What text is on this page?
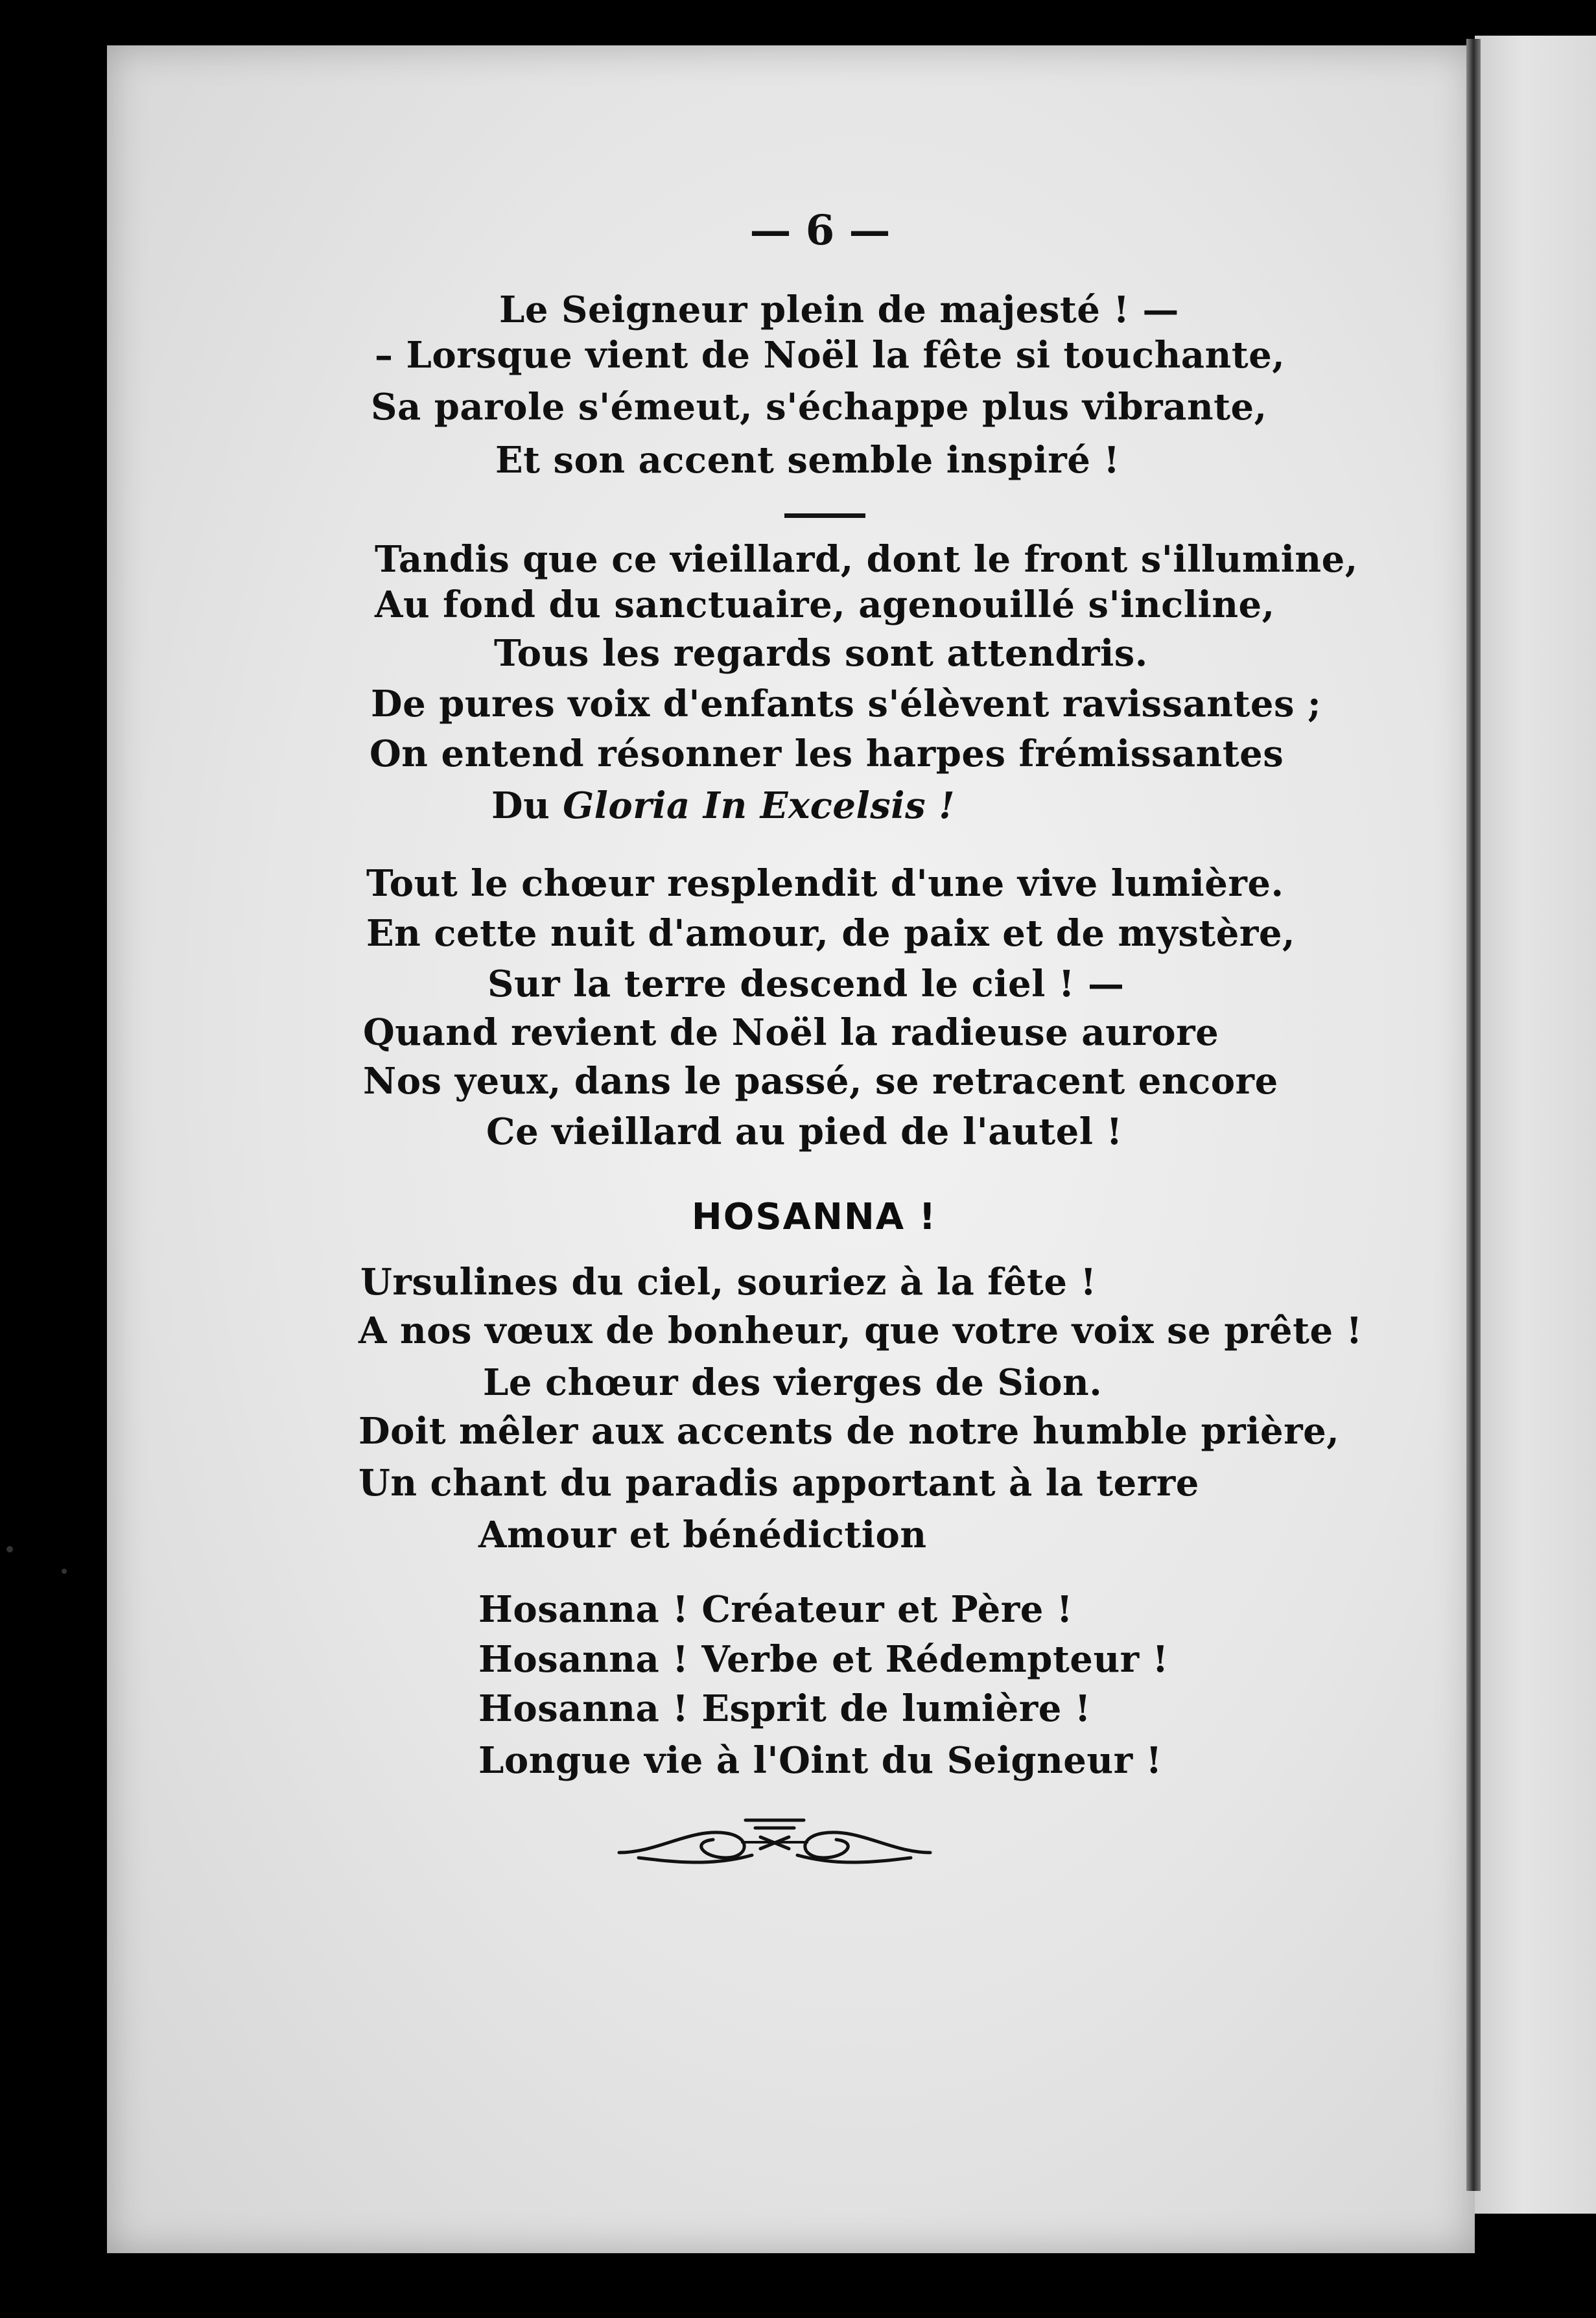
— 6 —
Le Seigneur plein de majesté ! —
– Lorsque vient de Noël la fête si touchante,
Sa parole s'émeut, s'échappe plus vibrante,
Et son accent semble inspiré !
Tandis que ce vieillard, dont le front s'illumine,
Au fond du sanctuaire, agenouillé s'incline,
Tous les regards sont attendris.
De pures voix d'enfants s'élèvent ravissantes ;
On entend résonner les harpes frémissantes
Du Gloria In Excelsis !
Tout le chœur resplendit d'une vive lumière.
En cette nuit d'amour, de paix et de mystère,
Sur la terre descend le ciel ! —
Quand revient de Noël la radieuse aurore
Nos yeux, dans le passé, se retracent encore
Ce vieillard au pied de l'autel !
HOSANNA !
Ursulines du ciel, souriez à la fête !
A nos vœux de bonheur, que votre voix se prête !
Le chœur des vierges de Sion.
Doit mêler aux accents de notre humble prière,
Un chant du paradis apportant à la terre
Amour et bénédiction
Hosanna ! Créateur et Père !
Hosanna ! Verbe et Rédempteur !
Hosanna ! Esprit de lumière !
Longue vie à l'Oint du Seigneur !
